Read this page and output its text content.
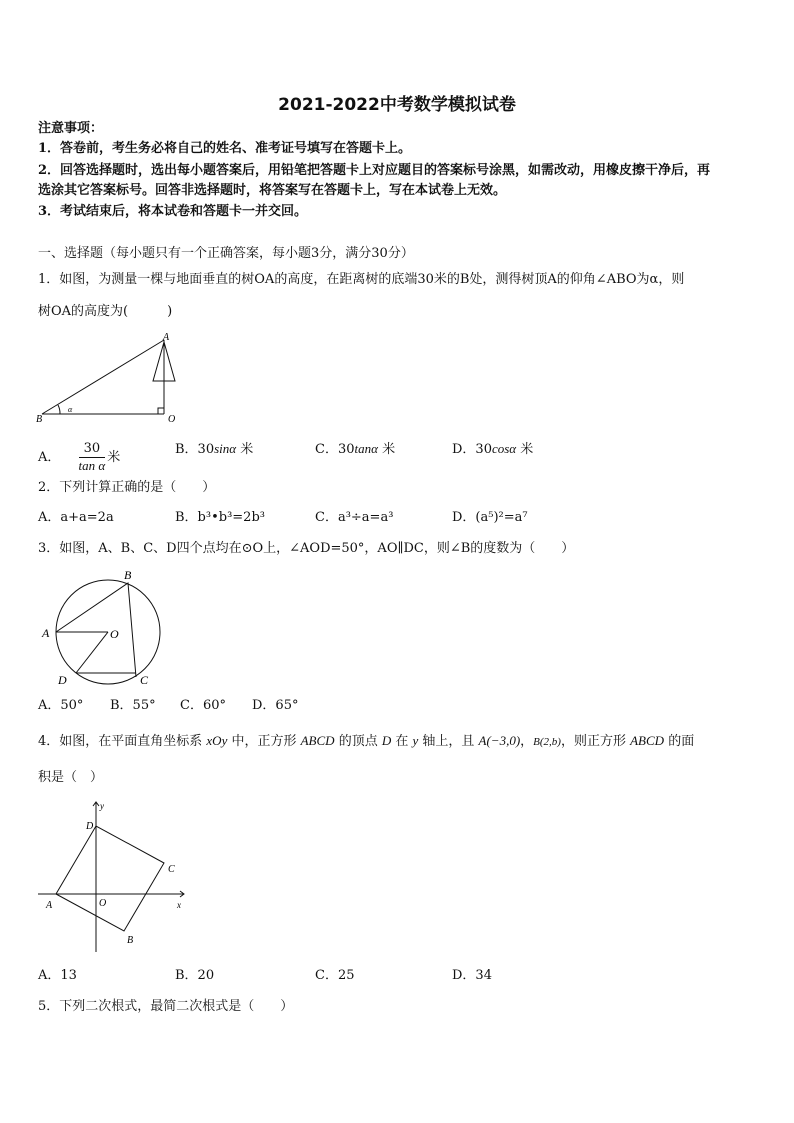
2021-2022中考数学模拟试卷
注意事项：
1．答卷前，考生务必将自己的姓名、准考证号填写在答题卡上。
2．回答选择题时，选出每小题答案后，用铅笔把答题卡上对应题目的答案标号涂黑，如需改动，用橡皮擦干净后，再
选涂其它答案标号。回答非选择题时，将答案写在答题卡上，写在本试卷上无效。
3．考试结束后，将本试卷和答题卡一并交回。
一、选择题（每小题只有一个正确答案，每小题3分，满分30分）
1．如图，为测量一棵与地面垂直的树OA的高度，在距离树的底端30米的B处，测得树顶A的仰角∠ABO为α，则
树OA的高度为(　　　)
A
B	O
α
A． $\frac{30}{\text{tan α}}$ 米
B．30sinα 米	C．30tanα 米	D．30cosα 米
2．下列计算正确的是（　　）
A．a+a=2a	B．b³•b³=2b³	C．a³÷a=a³	D．(a⁵)²=a⁷
3．如图，A、B、C、D四个点均在⊙O上，∠AOD=50°，AO∥DC，则∠B的度数为（　　）
B
A	O
D	C
A．50° B．55° C．60° D．65°
4．如图，在平面直角坐标系 xOy 中，正方形 ABCD 的顶点 D 在 y 轴上，且 A(−3,0)，B(2,b)，则正方形 ABCD 的面
积是（　）
y
x
D
C
A	O
B
A．13	B．20	C．25	D．34
5．下列二次根式，最简二次根式是（　　）
